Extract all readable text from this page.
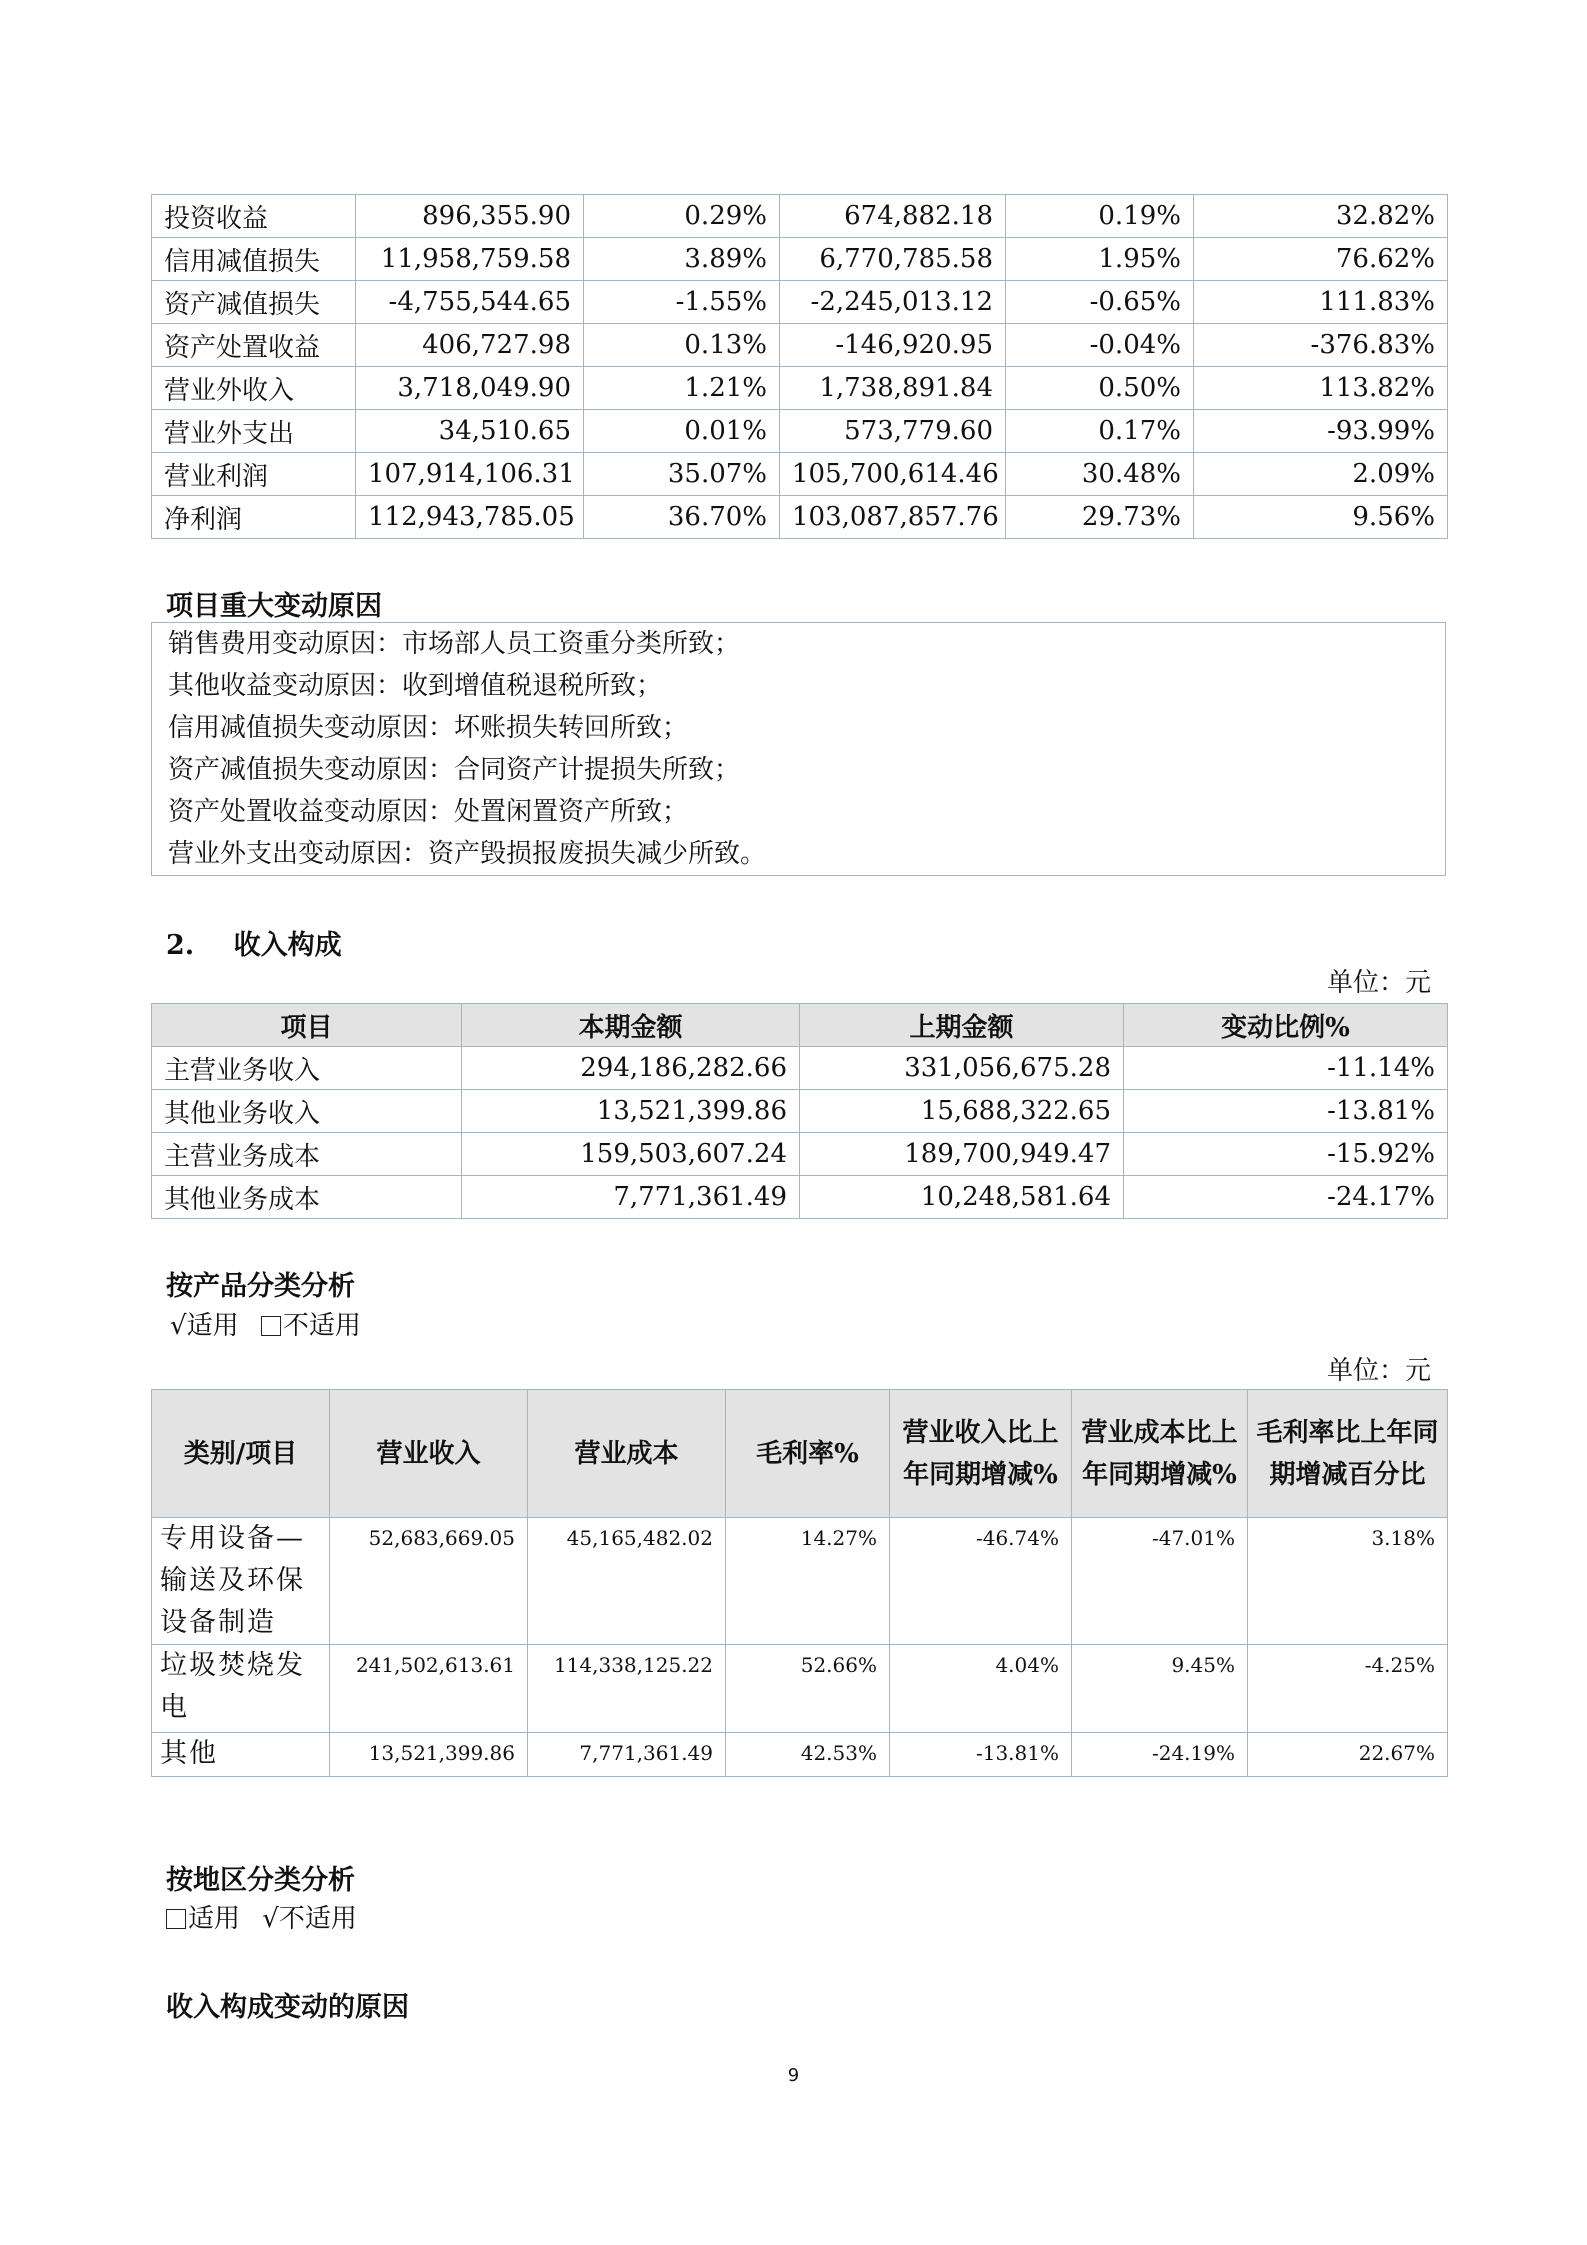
投资收益	896,355.90	0.29%	674,882.18	0.19%	32.82%
信用减值损失	11,958,759.58	3.89%	6,770,785.58	1.95%	76.62%
资产减值损失	-4,755,544.65	-1.55%	-2,245,013.12	-0.65%	111.83%
资产处置收益	406,727.98	0.13%	-146,920.95	-0.04%	-376.83%
营业外收入	3,718,049.90	1.21%	1,738,891.84	0.50%	113.82%
营业外支出	34,510.65	0.01%	573,779.60	0.17%	-93.99%
营业利润	107,914,106.31	35.07%	105,700,614.46	30.48%	2.09%
净利润	112,943,785.05	36.70%	103,087,857.76	29.73%	9.56%
项目重大变动原因
销售费用变动原因：市场部人员工资重分类所致；
其他收益变动原因：收到增值税退税所致；
信用减值损失变动原因：坏账损失转回所致；
资产减值损失变动原因：合同资产计提损失所致；
资产处置收益变动原因：处置闲置资产所致；
营业外支出变动原因：资产毁损报废损失减少所致。
2. 收入构成
单位：元
项目	本期金额	上期金额	变动比例%
主营业务收入	294,186,282.66	331,056,675.28	-11.14%
其他业务收入	13,521,399.86	15,688,322.65	-13.81%
主营业务成本	159,503,607.24	189,700,949.47	-15.92%
其他业务成本	7,771,361.49	10,248,581.64	-24.17%
按产品分类分析
√适用 不适用
单位：元
类别/项目	营业收入	营业成本	毛利率%	营业收入比上年同期增减%	营业成本比上年同期增减%	毛利率比上年同期增减百分比
专用设备—输送及环保设备制造	52,683,669.05	45,165,482.02	14.27%	-46.74%	-47.01%	3.18%
垃圾焚烧发电	241,502,613.61	114,338,125.22	52.66%	4.04%	9.45%	-4.25%
其他	13,521,399.86	7,771,361.49	42.53%	-13.81%	-24.19%	22.67%
按地区分类分析
适用 √不适用
收入构成变动的原因
9
